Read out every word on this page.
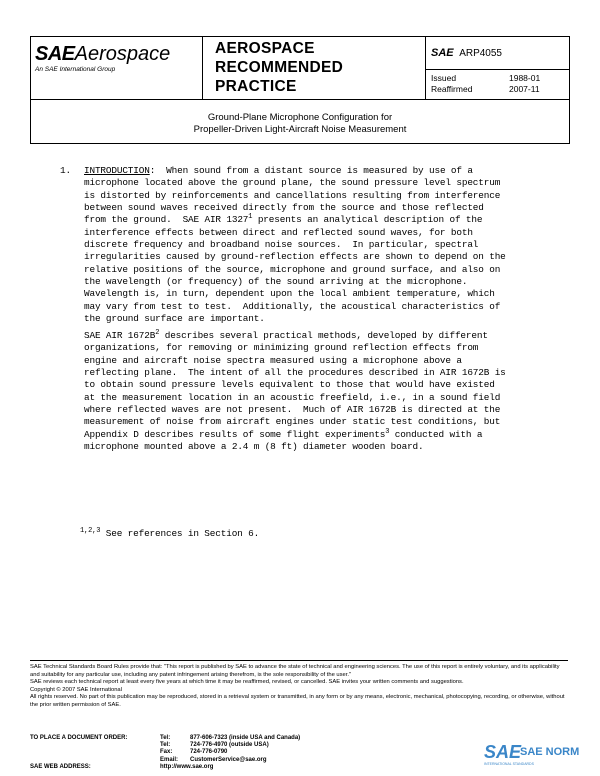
SAEAerospace
An SAE International Group
AEROSPACE
RECOMMENDED
PRACTICE
SAE ARP4055
Issued	1988-01
Reaffirmed	2007-11
Ground-Plane Microphone Configuration for
Propeller-Driven Light-Aircraft Noise Measurement
1. INTRODUCTION:  When sound from a distant source is measured by use of a
microphone located above the ground plane, the sound pressure level spectrum
is distorted by reinforcements and cancellations resulting from interference
between sound waves received directly from the source and those reflected
from the ground.  SAE AIR 1327$^1$ presents an analytical description of the
interference effects between direct and reflected sound waves, for both
discrete frequency and broadband noise sources.  In particular, spectral
irregularities caused by ground-reflection effects are shown to depend on the
relative positions of the source, microphone and ground surface, and also on
the wavelength (or frequency) of the sound arriving at the microphone.
Wavelength is, in turn, dependent upon the local ambient temperature, which
may vary from test to test.  Additionally, the acoustical characteristics of
the ground surface are important.
SAE AIR $1672B^2$ describes several practical methods, developed by different
organizations, for removing or minimizing ground reflection effects from
engine and aircraft noise spectra measured using a microphone above a
reflecting plane.  The intent of all the procedures described in AIR 1672B is
to obtain sound pressure levels equivalent to those that would have existed
at the measurement location in an acoustic freefield, i.e., in a sound field
where reflected waves are not present.  Much of AIR 1672B is directed at the
measurement of noise from aircraft engines under static test conditions, but
Appendix D describes results of some flight experiments$^3$ conducted with a
microphone mounted above a 2.4 m (8 ft) diameter wooden board.
$^{1,2,3}$ See references in Section 6.

SAE Technical Standards Board Rules provide that: "This report is published by SAE to advance the state of technical and engineering sciences. The use of this report is entirely voluntary, and its applicability and suitability for any particular use, including any patent infringement arising therefrom, is the sole responsibility of the user."

SAE reviews each technical report at least every five years at which time it may be reaffirmed, revised, or cancelled. SAE invites your written comments and suggestions.

Copyright © 2007 SAE International

All rights reserved. No part of this publication may be reproduced, stored in a retrieval system or transmitted, in any form or by any means, electronic, mechanical, photocopying, recording, or otherwise, without the prior written permission of SAE.

TO PLACE A DOCUMENT ORDER:	Tel:	877-606-7323 (inside USA and Canada)
Tel:	724-776-4970 (outside USA)
Fax:	724-776-0790
Email: CustomerService@sae.org
SAE WEB ADDRESS:	http://www.sae.org
SAE
SAE NORM
INTERNATIONAL STANDARDS
